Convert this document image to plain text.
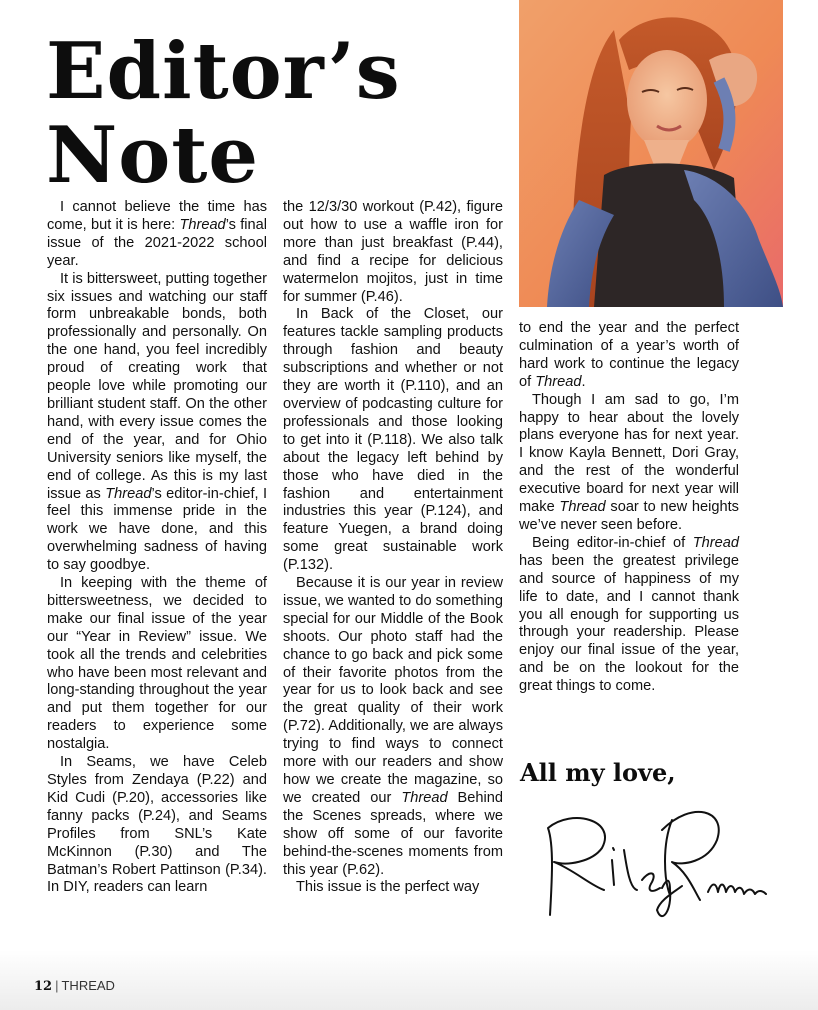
Editor’s
Note

I cannot believe the time has come, but it is here: Thread’s final issue of the 2021-2022 school year.

It is bittersweet, putting together six issues and watching our staff form unbreakable bonds, both professionally and personally. On the one hand, you feel incredibly proud of creating work that people love while promoting our brilliant student staff. On the other hand, with every issue comes the end of the year, and for Ohio University seniors like myself, the end of college. As this is my last issue as Thread’s editor-in-chief, I feel this immense pride in the work we have done, and this overwhelming sadness of having to say goodbye.

In keeping with the theme of bittersweetness, we decided to make our final issue of the year our “Year in Review” issue. We took all the trends and celebrities who have been most relevant and long-standing throughout the year and put them together for our readers to experience some nostalgia.

In Seams, we have Celeb Styles from Zendaya (P.22) and Kid Cudi (P.20), accessories like fanny packs (P.24), and Seams Profiles from SNL’s Kate McKinnon (P.30) and The Batman’s Robert Pattinson (P.34). In DIY, readers can learn

the 12/3/30 workout (P.42), figure out how to use a waffle iron for more than just breakfast (P.44), and find a recipe for delicious watermelon mojitos, just in time for summer (P.46).

In Back of the Closet, our features tackle sampling products through fashion and beauty subscriptions and whether or not they are worth it (P.110), and an overview of podcasting culture for professionals and those looking to get into it (P.118). We also talk about the legacy left behind by those who have died in the fashion and entertainment industries this year (P.124), and feature Yuegen, a brand doing some great sustainable work (P.132).

Because it is our year in review issue, we wanted to do something special for our Middle of the Book shoots. Our photo staff had the chance to go back and pick some of their favorite photos from the year for us to look back and see the great quality of their work (P.72). Additionally, we are always trying to find ways to connect more with our readers and show how we create the magazine, so we created our Thread Behind the Scenes spreads, where we show off some of our favorite behind-the-scenes moments from this year (P.62).

This issue is the perfect way

to end the year and the perfect culmination of a year’s worth of hard work to continue the legacy of Thread.

Though I am sad to go, I’m happy to hear about the lovely plans everyone has for next year. I know Kayla Bennett, Dori Gray, and the rest of the wonderful executive board for next year will make Thread soar to new heights we’ve never seen before.

Being editor-in-chief of Thread has been the greatest privilege and source of happiness of my life to date, and I cannot thank you all enough for supporting us through your readership. Please enjoy our final issue of the year, and be on the lookout for the great things to come.

All my love,

12 | THREAD
